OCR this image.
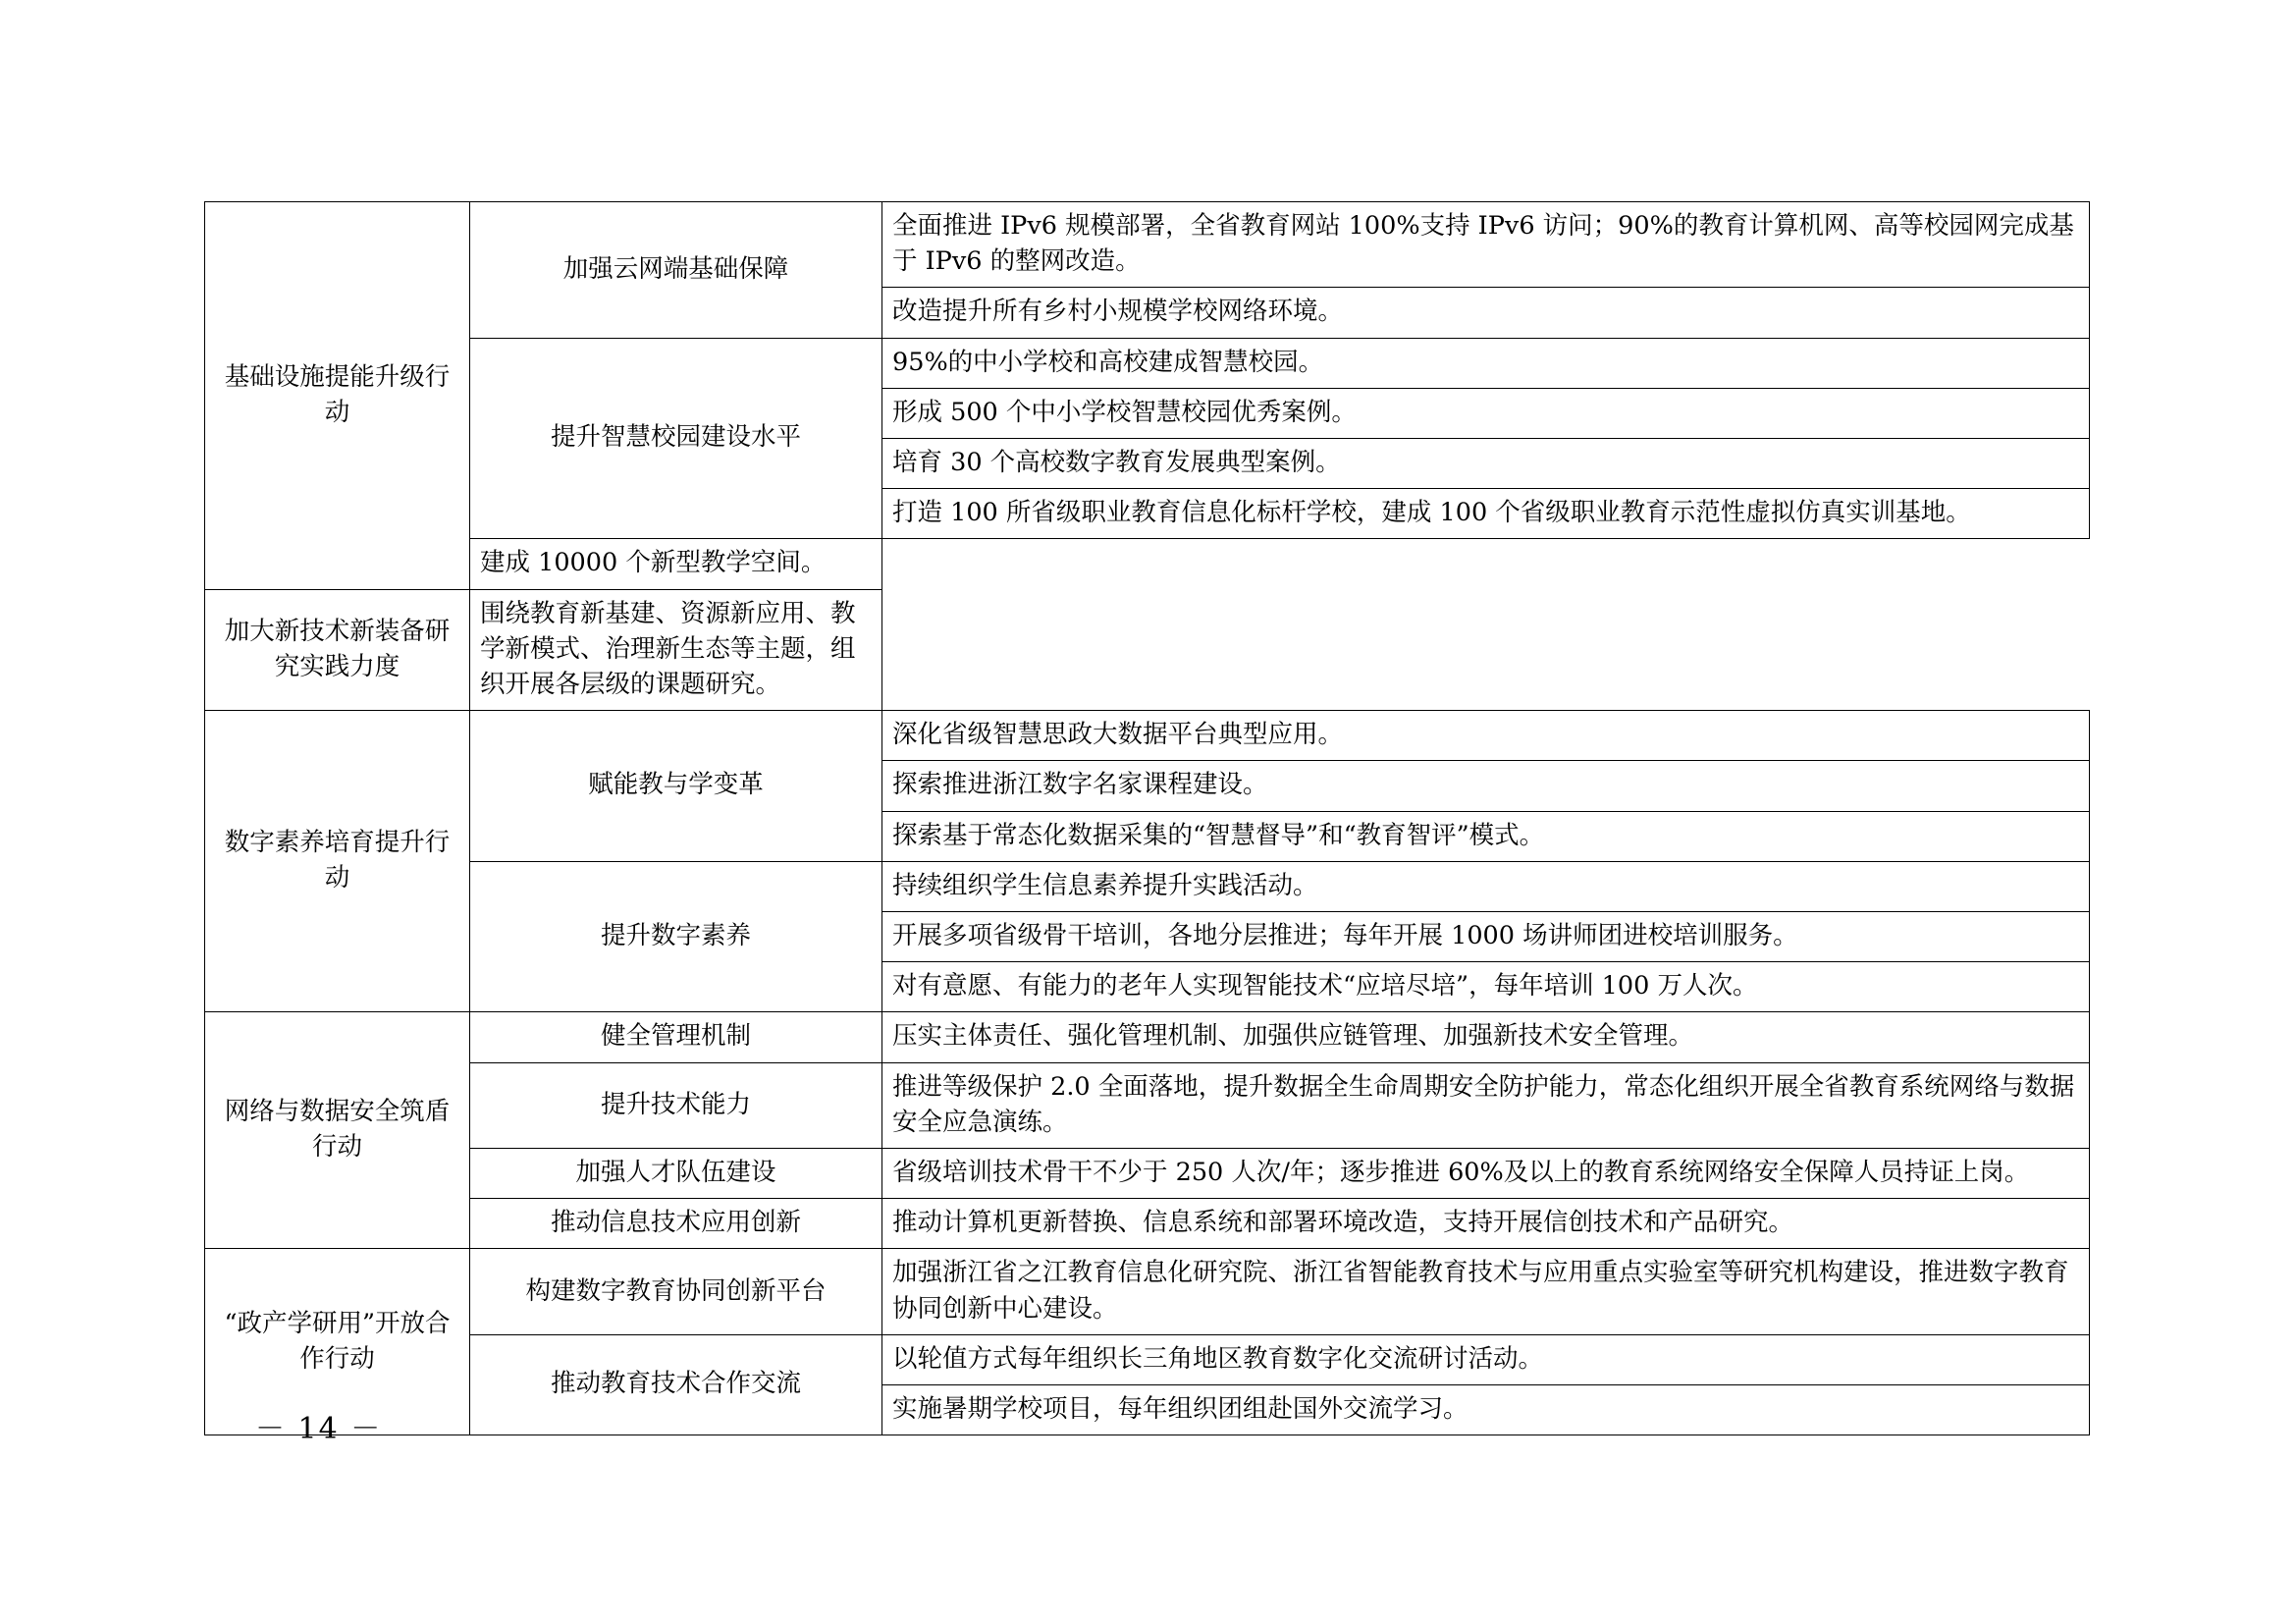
基础设施提能升级行动	加强云网端基础保障	全面推进 IPv6 规模部署，全省教育网站 100%支持 IPv6 访问；90%的教育计算机网、高等校园网完成基于 IPv6 的整网改造。
		改造提升所有乡村小规模学校网络环境。
	提升智慧校园建设水平	95%的中小学校和高校建成智慧校园。
		形成 500 个中小学校智慧校园优秀案例。
		培育 30 个高校数字教育发展典型案例。
		打造 100 所省级职业教育信息化标杆学校，建成 100 个省级职业教育示范性虚拟仿真实训基地。
	建成 10000 个新型教学空间。	
加大新技术新装备研究实践力度	围绕教育新基建、资源新应用、教学新模式、治理新生态等主题，组织开展各层级的课题研究。	
数字素养培育提升行动	赋能教与学变革	深化省级智慧思政大数据平台典型应用。
		探索推进浙江数字名家课程建设。
		探索基于常态化数据采集的“智慧督导”和“教育智评”模式。
	提升数字素养	持续组织学生信息素养提升实践活动。
		开展多项省级骨干培训，各地分层推进；每年开展 1000 场讲师团进校培训服务。
		对有意愿、有能力的老年人实现智能技术“应培尽培”，每年培训 100 万人次。
网络与数据安全筑盾行动	健全管理机制	压实主体责任、强化管理机制、加强供应链管理、加强新技术安全管理。
	提升技术能力	推进等级保护 2.0 全面落地，提升数据全生命周期安全防护能力，常态化组织开展全省教育系统网络与数据安全应急演练。
	加强人才队伍建设	省级培训技术骨干不少于 250 人次/年；逐步推进 60%及以上的教育系统网络安全保障人员持证上岗。
	推动信息技术应用创新	推动计算机更新替换、信息系统和部署环境改造，支持开展信创技术和产品研究。
“政产学研用”开放合作行动	构建数字教育协同创新平台	加强浙江省之江教育信息化研究院、浙江省智能教育技术与应用重点实验室等研究机构建设，推进数字教育协同创新中心建设。
	推动教育技术合作交流	以轮值方式每年组织长三角地区教育数字化交流研讨活动。
		实施暑期学校项目，每年组织团组赴国外交流学习。
－ 14 －
